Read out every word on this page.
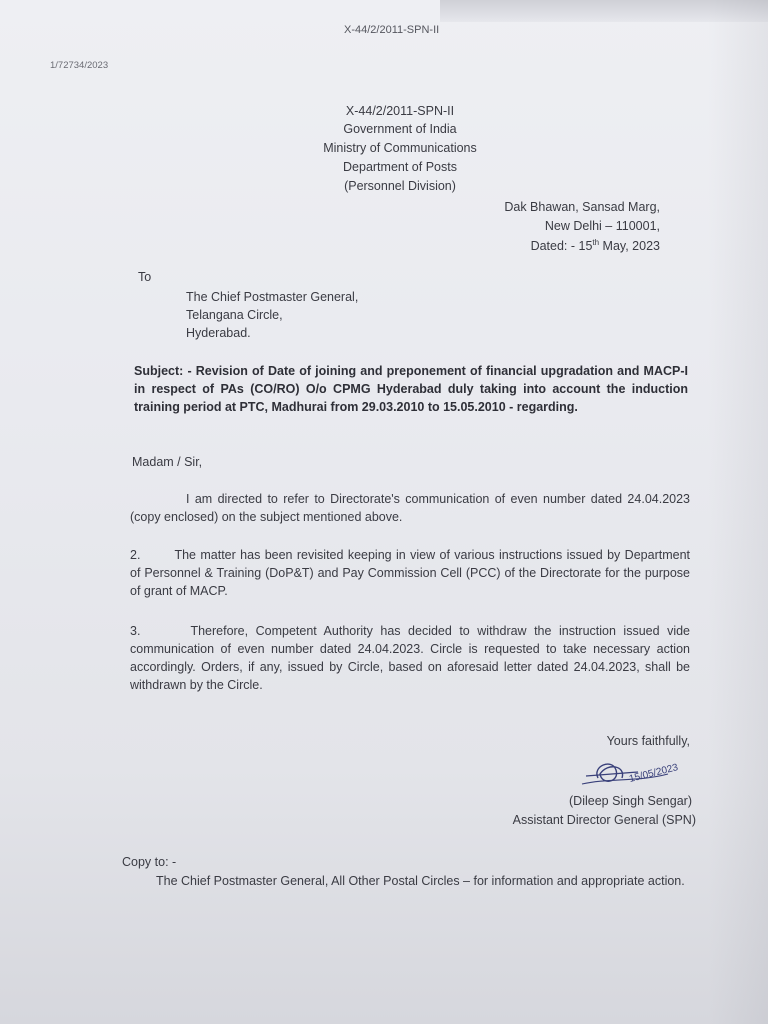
X-44/2/2011-SPN-II
1/72734/2023
X-44/2/2011-SPN-II
Government of India
Ministry of Communications
Department of Posts
(Personnel Division)
Dak Bhawan, Sansad Marg,
New Delhi – 110001,
Dated: - 15th May, 2023
To
The Chief Postmaster General,
Telangana Circle,
Hyderabad.
Subject: - Revision of Date of joining and preponement of financial upgradation and MACP-I in respect of PAs (CO/RO) O/o CPMG Hyderabad duly taking into account the induction training period at PTC, Madhurai from 29.03.2010 to 15.05.2010 - regarding.
Madam / Sir,
I am directed to refer to Directorate's communication of even number dated 24.04.2023 (copy enclosed) on the subject mentioned above.
2.	The matter has been revisited keeping in view of various instructions issued by Department of Personnel & Training (DoP&T) and Pay Commission Cell (PCC) of the Directorate for the purpose of grant of MACP.
3.	Therefore, Competent Authority has decided to withdraw the instruction issued vide communication of even number dated 24.04.2023. Circle is requested to take necessary action accordingly. Orders, if any, issued by Circle, based on aforesaid letter dated 24.04.2023, shall be withdrawn by the Circle.
Yours faithfully,
15/05/2023
(Dileep Singh Sengar)
Assistant Director General (SPN)
Copy to: -
The Chief Postmaster General, All Other Postal Circles – for information and appropriate action.
